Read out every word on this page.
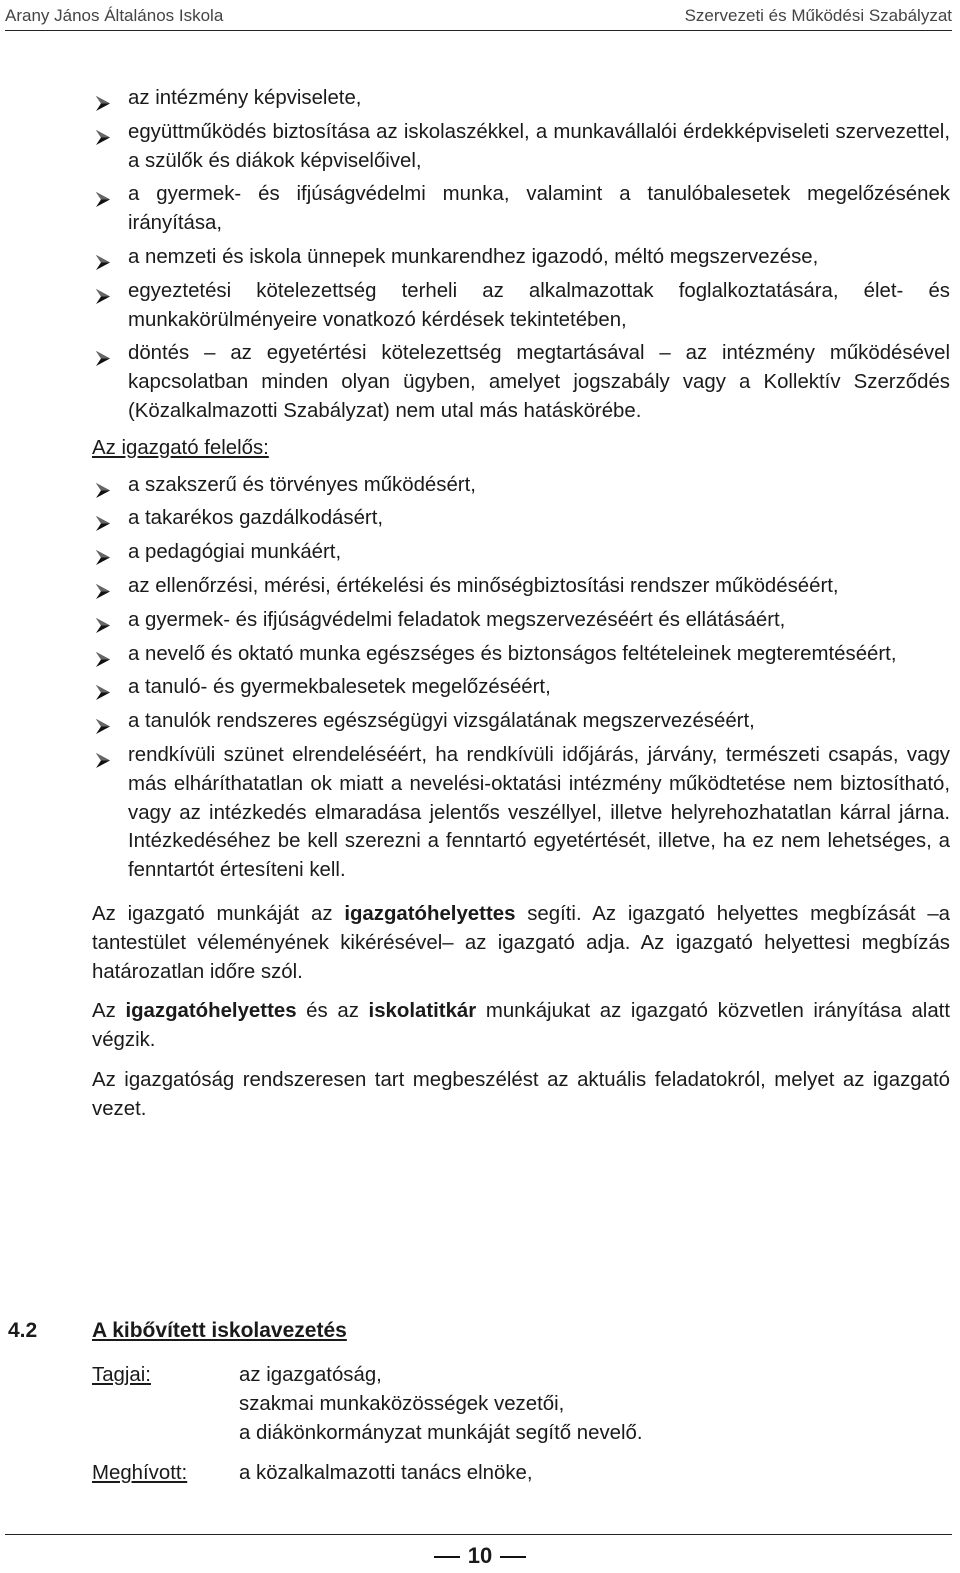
Arany János Általános Iskola	Szervezeti és Működési Szabályzat
az intézmény képviselete,
együttműködés biztosítása az iskolaszékkel, a munkavállalói érdekképviseleti szervezettel, a szülők és diákok képviselőivel,
a gyermek- és ifjúságvédelmi munka, valamint a tanulóbalesetek megelőzésének irányítása,
a nemzeti és iskola ünnepek munkarendhez igazodó, méltó megszervezése,
egyeztetési kötelezettség terheli az alkalmazottak foglalkoztatására, élet- és munkakörülményeire vonatkozó kérdések tekintetében,
döntés – az egyetértési kötelezettség megtartásával – az intézmény működésével kapcsolatban minden olyan ügyben, amelyet jogszabály vagy a Kollektív Szerződés (Közalkalmazotti Szabályzat) nem utal más hatáskörébe.
Az igazgató felelős:
a szakszerű és törvényes működésért,
a takarékos gazdálkodásért,
a pedagógiai munkáért,
az ellenőrzési, mérési, értékelési és minőségbiztosítási rendszer működéséért,
a gyermek- és ifjúságvédelmi feladatok megszervezéséért és ellátásáért,
a nevelő és oktató munka egészséges és biztonságos feltételeinek megteremtéséért,
a tanuló- és gyermekbalesetek megelőzéséért,
a tanulók rendszeres egészségügyi vizsgálatának megszervezéséért,
rendkívüli szünet elrendeléséért, ha rendkívüli időjárás, járvány, természeti csapás, vagy más elháríthatatlan ok miatt a nevelési-oktatási intézmény működtetése nem biztosítható, vagy az intézkedés elmaradása jelentős veszéllyel, illetve helyrehozhatatlan kárral járna. Intézkedéséhez be kell szerezni a fenntartó egyetértését, illetve, ha ez nem lehetséges, a fenntartót értesíteni kell.

Az igazgató munkáját az igazgatóhelyettes segíti. Az igazgató helyettes megbízását –a tantestület véleményének kikérésével– az igazgató adja. Az igazgató helyettesi megbízás határozatlan időre szól.

Az igazgatóhelyettes és az iskolatitkár munkájukat az igazgató közvetlen irányítása alatt végzik.

Az igazgatóság rendszeresen tart megbeszélést az aktuális feladatokról, melyet az igazgató vezet.

4.2	A kibővített iskolavezetés
Tagjai:	az igazgatóság,
szakmai munkaközösségek vezetői,
a diákönkormányzat munkáját segítő nevelő.
Meghívott:	a közalkalmazotti tanács elnöke,
10
